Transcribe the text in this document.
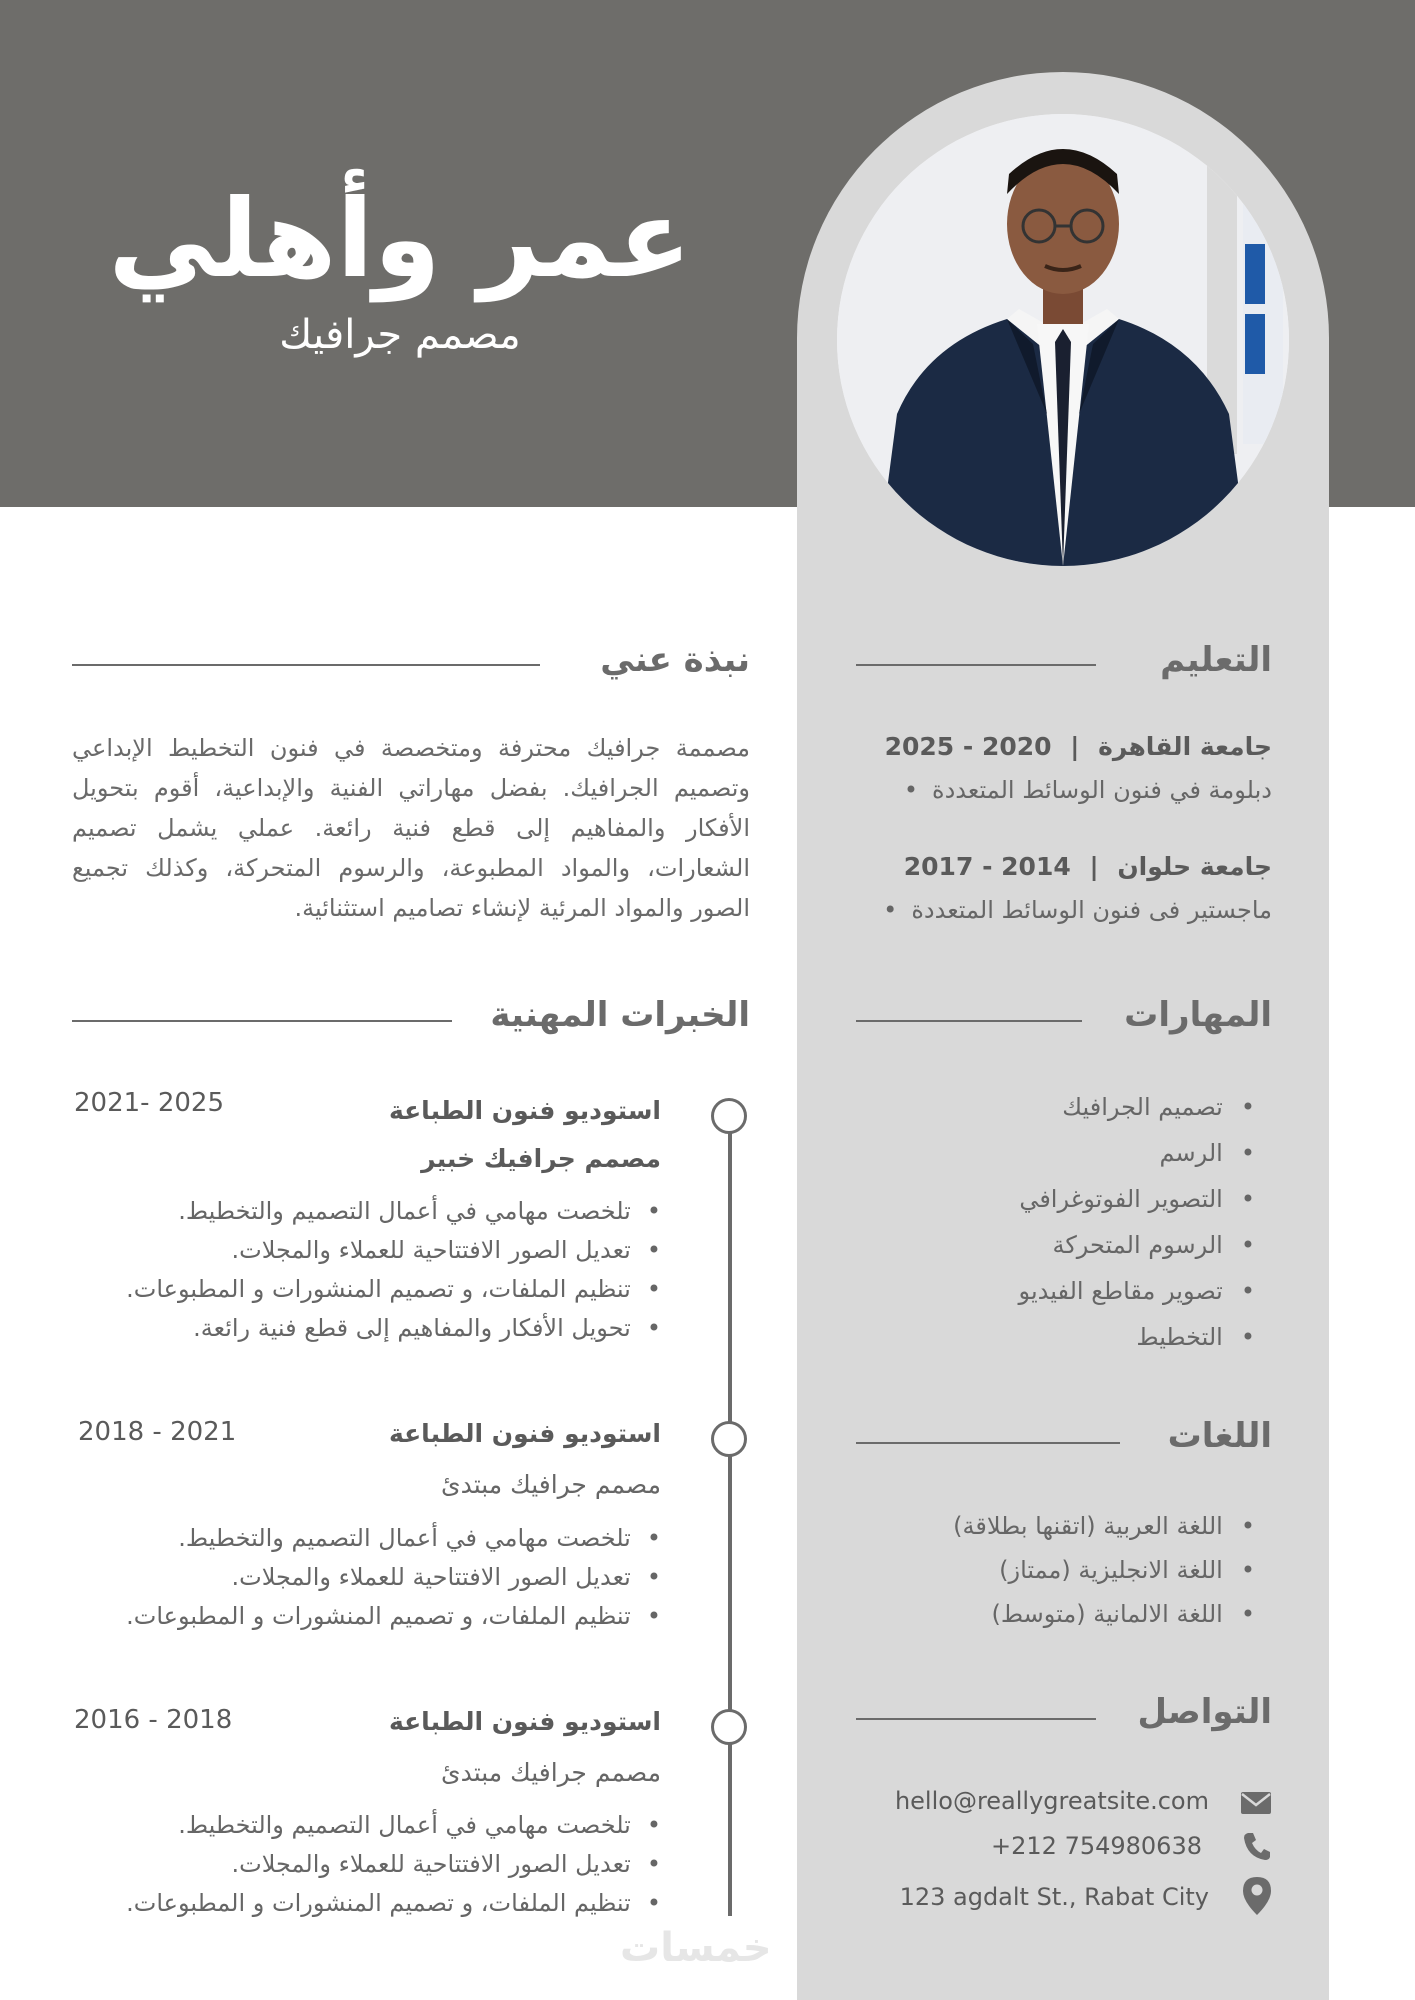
عمر وأهلي
مصمم جرافيك
نبذة عني
مصممة جرافيك محترفة ومتخصصة في فنون التخطيط الإبداعي وتصميم الجرافيك. بفضل مهاراتي الفنية والإبداعية، أقوم بتحويل الأفكار والمفاهيم إلى قطع فنية رائعة. عملي يشمل تصميم الشعارات، والمواد المطبوعة، والرسوم المتحركة، وكذلك تجميع الصور والمواد المرئية لإنشاء تصاميم استثنائية.
التعليم
جامعة القاهرة | 2020 - 2025
دبلومة في فنون الوسائط المتعددة •
جامعة حلوان | 2014 - 2017
ماجستير فى فنون الوسائط المتعددة •
المهارات
• تصميم الجرافيك
• الرسم
• التصوير الفوتوغرافي
• الرسوم المتحركة
• تصوير مقاطع الفيديو
• التخطيط
اللغات
• اللغة العربية (اتقنها بطلاقة)
• اللغة الانجليزية (ممتاز)
• اللغة الالمانية (متوسط)
التواصل
hello@reallygreatsite.com
+212 754980638
123 agdalt St., Rabat City
الخبرات المهنية
استوديو فنون الطباعة
2021- 2025
مصمم جرافيك خبير
• تلخصت مهامي في أعمال التصميم والتخطيط.
• تعديل الصور الافتتاحية للعملاء والمجلات.
• تنظيم الملفات، و تصميم المنشورات و المطبوعات.
• تحويل الأفكار والمفاهيم إلى قطع فنية رائعة.
استوديو فنون الطباعة
2018 - 2021
مصمم جرافيك مبتدئ
• تلخصت مهامي في أعمال التصميم والتخطيط.
• تعديل الصور الافتتاحية للعملاء والمجلات.
• تنظيم الملفات، و تصميم المنشورات و المطبوعات.
استوديو فنون الطباعة
2016 - 2018
مصمم جرافيك مبتدئ
• تلخصت مهامي في أعمال التصميم والتخطيط.
• تعديل الصور الافتتاحية للعملاء والمجلات.
• تنظيم الملفات، و تصميم المنشورات و المطبوعات.
خمسات
